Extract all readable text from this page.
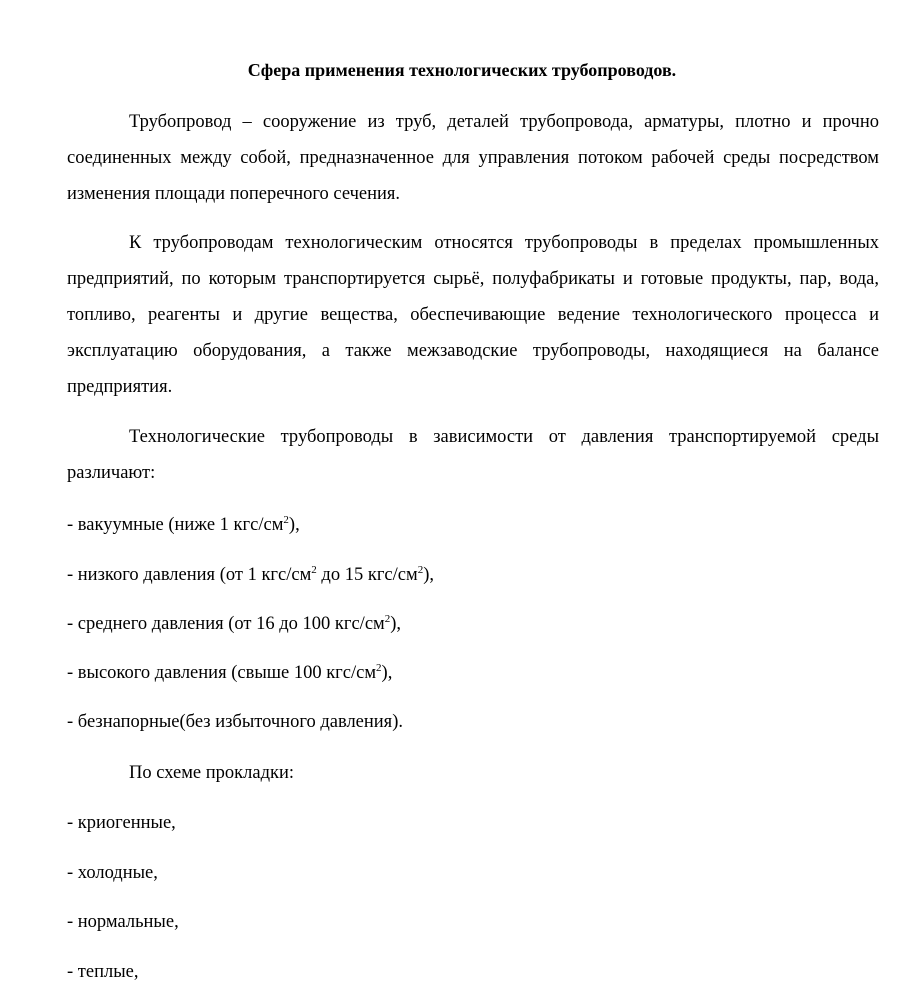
Сфера применения технологических трубопроводов.

Трубопровод – сооружение из труб, деталей трубопровода, арматуры, плотно и прочно соединенных между собой, предназначенное для управления потоком рабочей среды посредством изменения площади поперечного сечения.

К трубопроводам технологическим относятся трубопроводы в пределах промышленных предприятий, по которым транспортируется сырьё, полуфабрикаты и готовые продукты, пар, вода, топливо, реагенты и другие вещества, обеспечивающие ведение технологического процесса и эксплуатацию оборудования, а также межзаводские трубопроводы, находящиеся на балансе предприятия.

Технологические трубопроводы в зависимости от давления транспортируемой среды различают:

- вакуумные (ниже 1 кгс/$см^2$),
- низкого давления (от 1 кгс/$см^2$ до 15 кгс/$см^2$),
- среднего давления (от 16 до 100 кгс/$см^2$),
- высокого давления (свыше 100 кгс/$см^2$),
- безнапорные(без избыточного давления).
По схеме прокладки:
- криогенные,
- холодные,
- нормальные,
- теплые,
